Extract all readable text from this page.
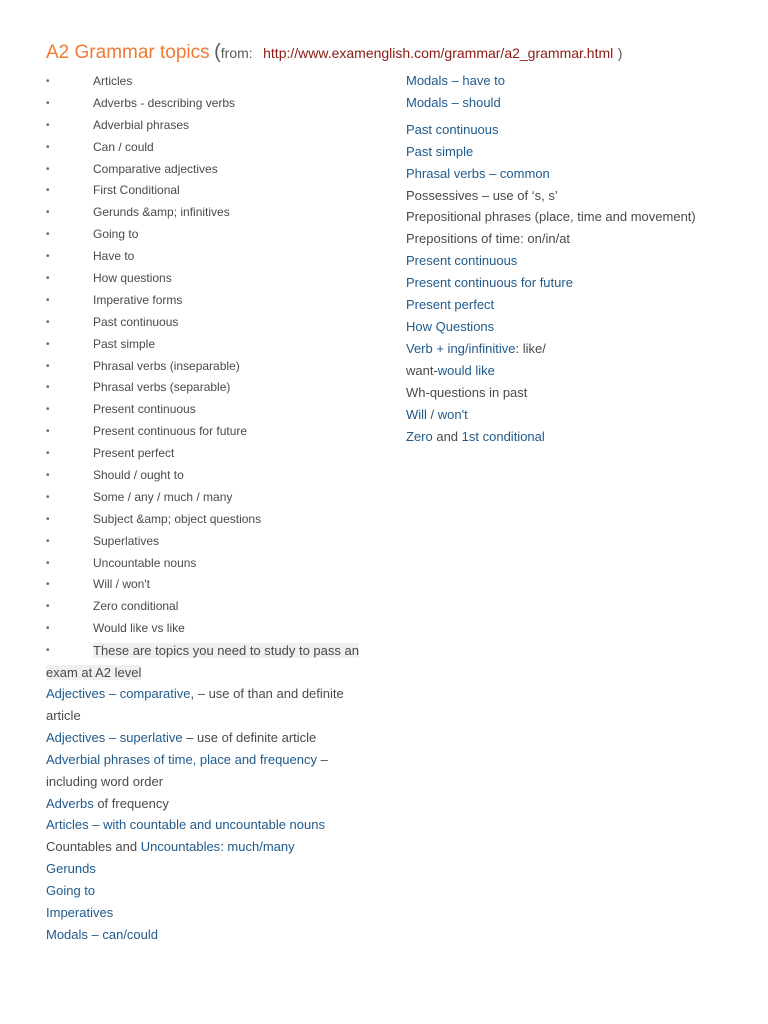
A2 Grammar topics (from: http://www.examenglish.com/grammar/a2_grammar.html )
•	Articles
•	Adverbs - describing verbs
•	Adverbial phrases
•	Can / could
•	Comparative adjectives
•	First Conditional
•	Gerunds &amp; infinitives
•	Going to
•	Have to
•	How questions
•	Imperative forms
•	Past continuous
•	Past simple
•	Phrasal verbs (inseparable)
•	Phrasal verbs (separable)
•	Present continuous
•	Present continuous for future
•	Present perfect
•	Should / ought to
•	Some / any / much / many
•	Subject &amp; object questions
•	Superlatives
•	Uncountable nouns
•	Will / won't
•	Zero conditional
•	Would like vs like
•	These are topics you need to study to pass an
exam at A2 level
Adjectives – comparative, – use of than and definite
article
Adjectives – superlative – use of definite article
Adverbial phrases of time, place and frequency –
including word order
Adverbs of frequency
Articles – with countable and uncountable nouns
Countables and Uncountables: much/many
Gerunds
Going to
Imperatives
Modals – can/could
Modals – have to
Modals – should
Past continuous
Past simple
Phrasal verbs – common
Possessives – use of ‘s, s’
Prepositional phrases (place, time and movement)
Prepositions of time: on/in/at
Present continuous
Present continuous for future
Present perfect
How Questions
Verb + ing/infinitive: like/
want-would like
Wh-questions in past
Will / won't
Zero and 1st conditional
